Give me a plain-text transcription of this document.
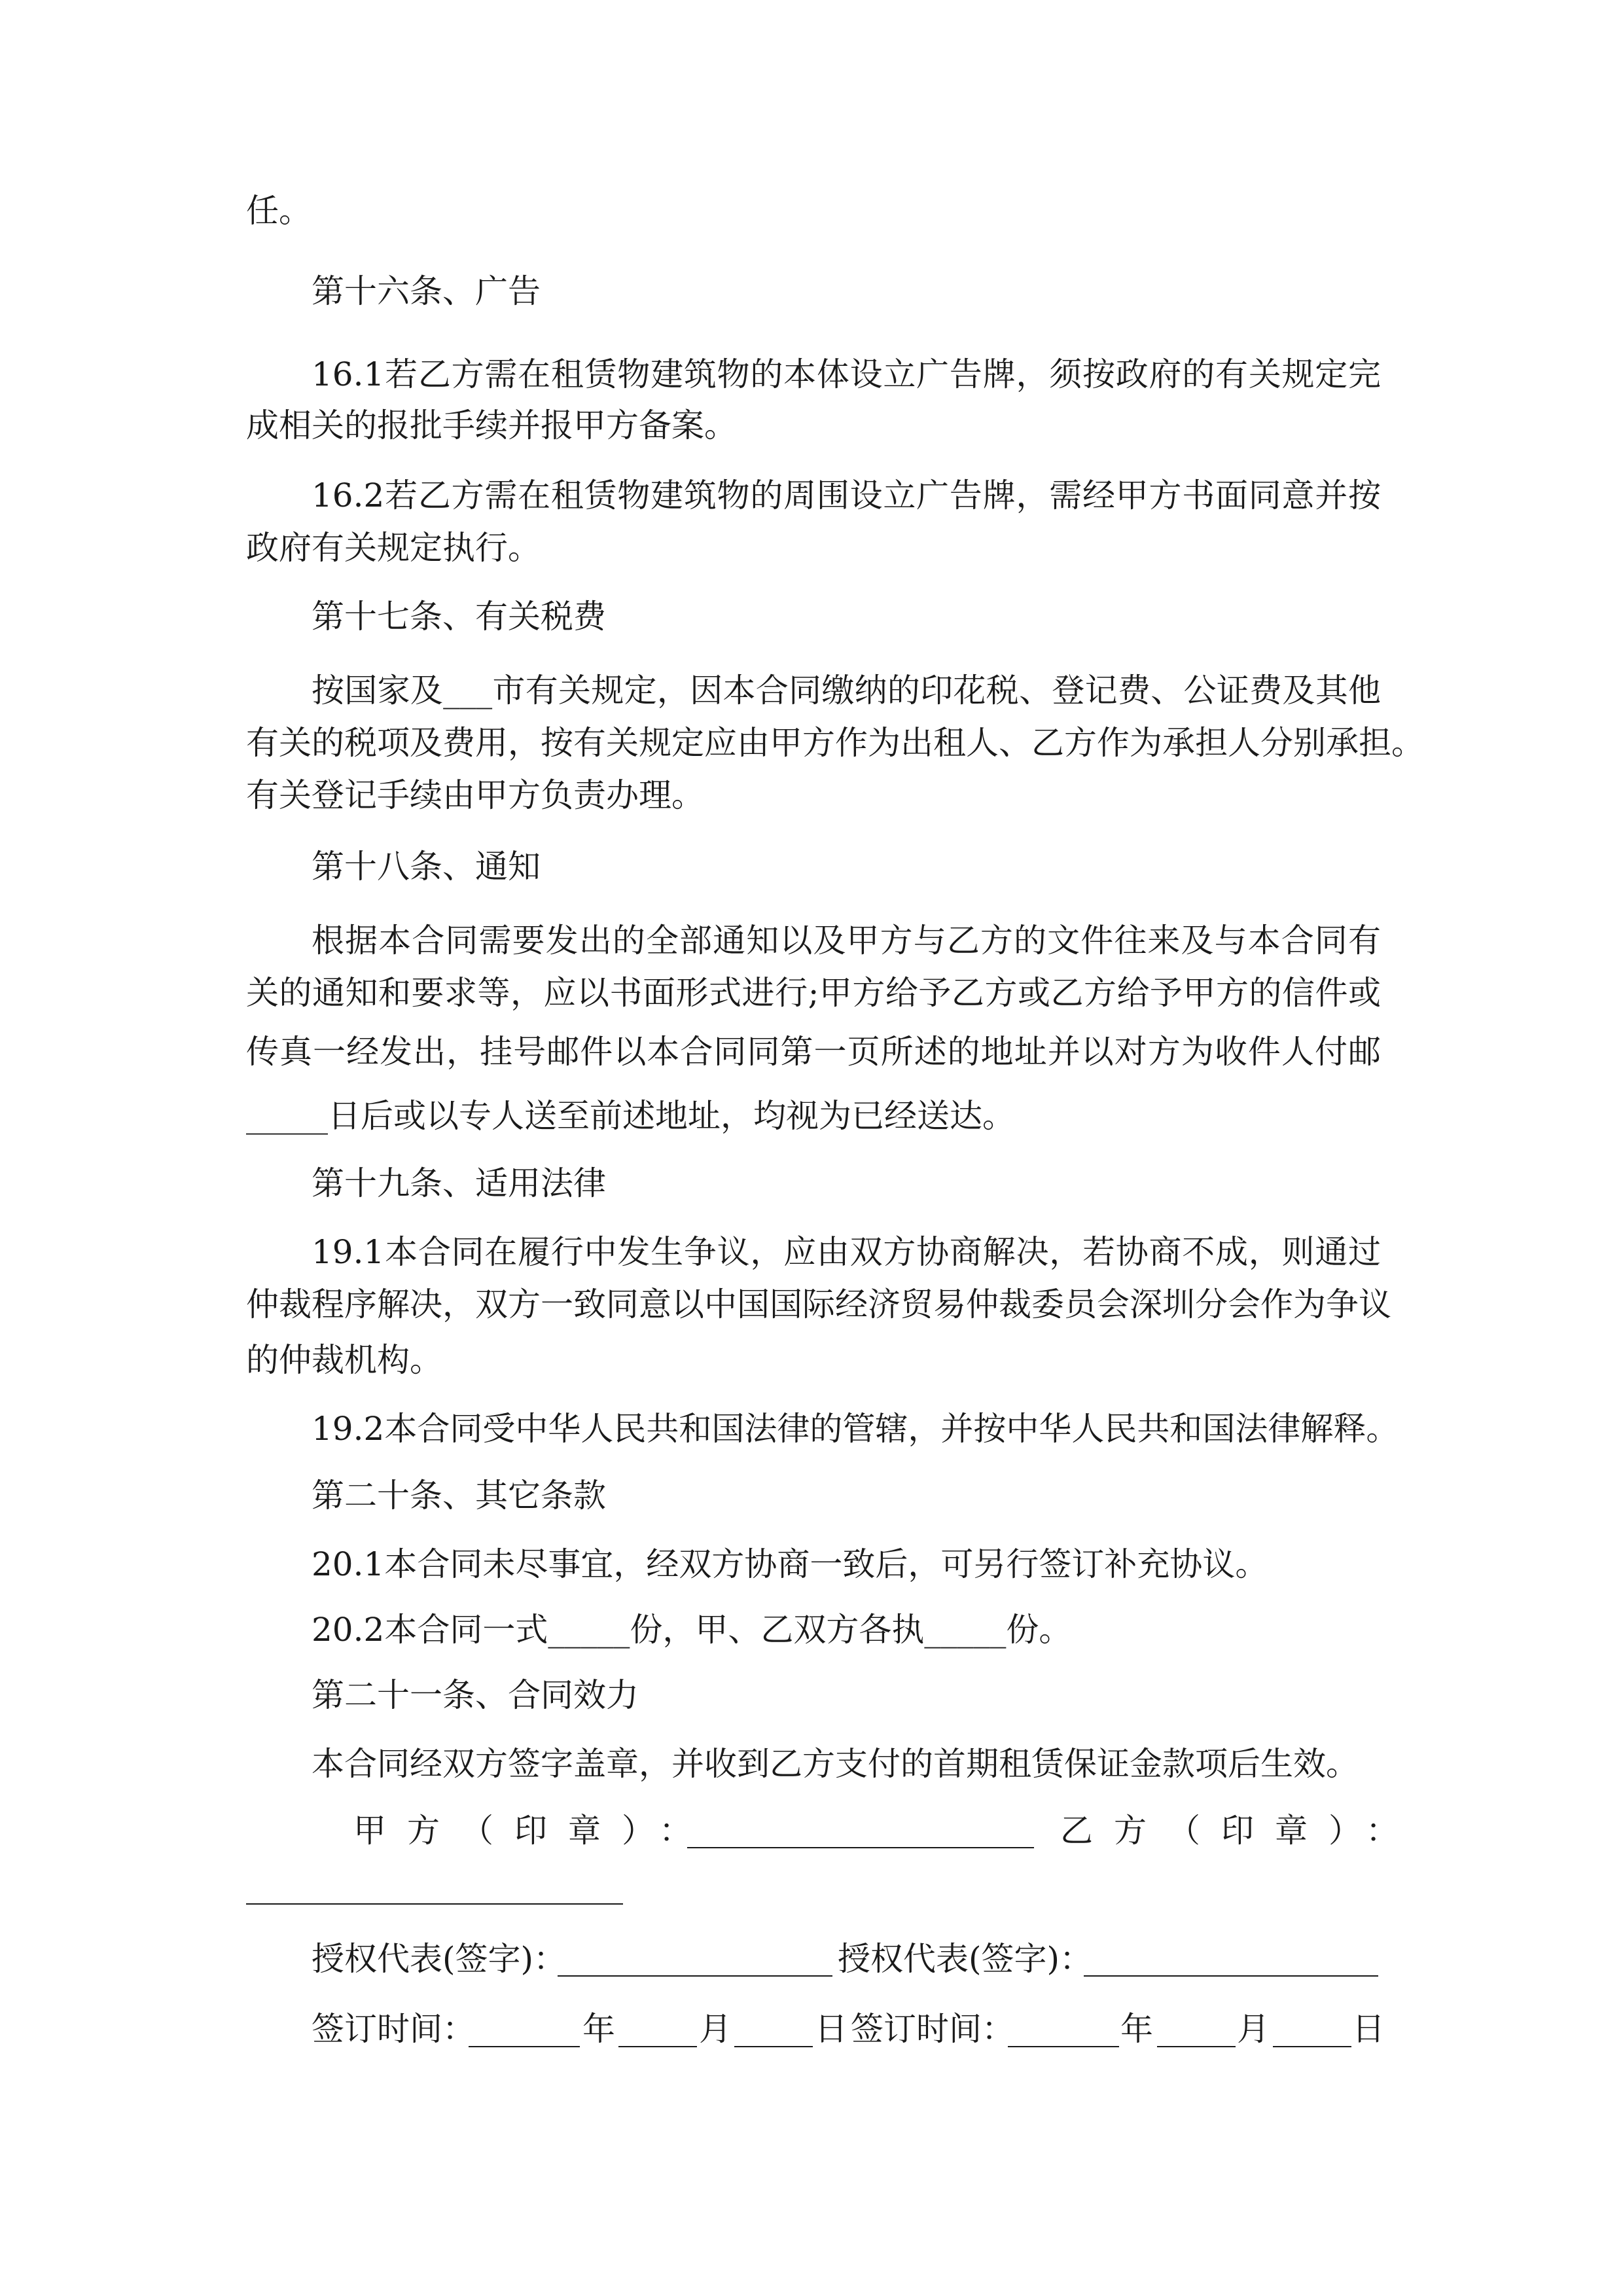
任。
第十六条、广告
16.1若乙方需在租赁物建筑物的本体设立广告牌，须按政府的有关规定完
成相关的报批手续并报甲方备案。
16.2若乙方需在租赁物建筑物的周围设立广告牌，需经甲方书面同意并按
政府有关规定执行。
第十七条、有关税费
按国家及___市有关规定，因本合同缴纳的印花税、登记费、公证费及其他
有关的税项及费用，按有关规定应由甲方作为出租人、乙方作为承担人分别承担。
有关登记手续由甲方负责办理。
第十八条、通知
根据本合同需要发出的全部通知以及甲方与乙方的文件往来及与本合同有
关的通知和要求等，应以书面形式进行;甲方给予乙方或乙方给予甲方的信件或
传真一经发出，挂号邮件以本合同同第一页所述的地址并以对方为收件人付邮
_____日后或以专人送至前述地址，均视为已经送达。
第十九条、适用法律
19.1本合同在履行中发生争议，应由双方协商解决，若协商不成，则通过
仲裁程序解决，双方一致同意以中国国际经济贸易仲裁委员会深圳分会作为争议
的仲裁机构。
19.2本合同受中华人民共和国法律的管辖，并按中华人民共和国法律解释。
第二十条、其它条款
20.1本合同未尽事宜，经双方协商一致后，可另行签订补充协议。
20.2本合同一式_____份，甲、乙双方各执_____份。
第二十一条、合同效力
本合同经双方签字盖章，并收到乙方支付的首期租赁保证金款项后生效。
甲方（印章）：	乙方（印章）：
授权代表(签字)：	授权代表(签字)：
签订时间：	年	月	日 签订时间：	年	月	日
